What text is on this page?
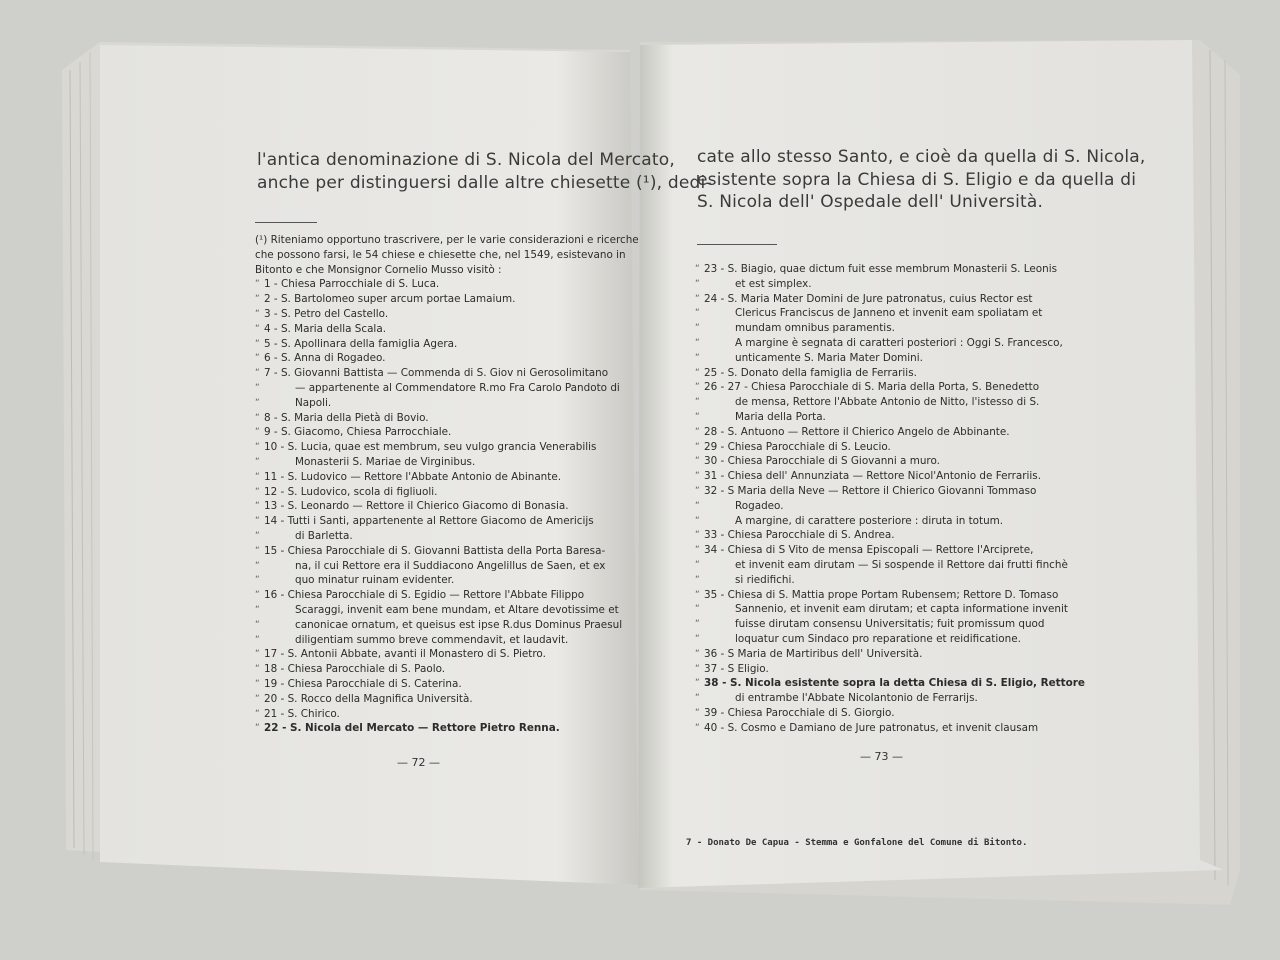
l'antica denominazione di S. Nicola del Mercato,
anche per distinguersi dalle altre chiesette (¹), dedi-
(¹) Riteniamo opportuno trascrivere, per le varie considerazioni e ricerche
che possono farsi, le 54 chiese e chiesette che, nel 1549, esistevano in
Bitonto e che Monsignor Cornelio Musso visitò :
“ 1 - Chiesa Parrocchiale di S. Luca.
“ 2 - S. Bartolomeo super arcum portae Lamaium.
“ 3 - S. Petro del Castello.
“ 4 - S. Maria della Scala.
“ 5 - S. Apollinara della famiglia Agera.
“ 6 - S. Anna di Rogadeo.
“ 7 - S. Giovanni Battista — Commenda di S. Giov ni Gerosolimitano
“	— appartenente al Commendatore R.mo Fra Carolo Pandoto di
“	Napoli.
“ 8 - S. Maria della Pietà di Bovio.
“ 9 - S. Giacomo, Chiesa Parrocchiale.
“ 10 - S. Lucia, quae est membrum, seu vulgo grancia Venerabilis
“	Monasterii S. Mariae de Virginibus.
“ 11 - S. Ludovico — Rettore l'Abbate Antonio de Abinante.
“ 12 - S. Ludovico, scola di figliuoli.
“ 13 - S. Leonardo — Rettore il Chierico Giacomo di Bonasia.
“ 14 - Tutti i Santi, appartenente al Rettore Giacomo de Americijs
“	di Barletta.
“ 15 - Chiesa Parocchiale di S. Giovanni Battista della Porta Baresa-
“	na, il cui Rettore era il Suddiacono Angelillus de Saen, et ex
“	quo minatur ruinam evidenter.
“ 16 - Chiesa Parocchiale di S. Egidio — Rettore l'Abbate Filippo
“	Scaraggi, invenit eam bene mundam, et Altare devotissime et
“	canonicae ornatum, et queisus est ipse R.dus Dominus Praesul
“	diligentiam summo breve commendavit, et laudavit.
“ 17 - S. Antonii Abbate, avanti il Monastero di S. Pietro.
“ 18 - Chiesa Parocchiale di S. Paolo.
“ 19 - Chiesa Parocchiale di S. Caterina.
“ 20 - S. Rocco della Magnifica Università.
“ 21 - S. Chirico.
“ 22 - S. Nicola del Mercato — Rettore Pietro Renna.
— 72 —
cate allo stesso Santo, e cioè da quella di S. Nicola,
esistente sopra la Chiesa di S. Eligio e da quella di
S. Nicola dell' Ospedale dell' Università.
“ 23 - S. Biagio, quae dictum fuit esse membrum Monasterii S. Leonis
“	et est simplex.
“ 24 - S. Maria Mater Domini de Jure patronatus, cuius Rector est
“	Clericus Franciscus de Janneno et invenit eam spoliatam et
“	mundam omnibus paramentis.
“	A margine è segnata di caratteri posteriori : Oggi S. Francesco,
“	unticamente S. Maria Mater Domini.
“ 25 - S. Donato della famiglia de Ferrariis.
“ 26 - 27 - Chiesa Parocchiale di S. Maria della Porta, S. Benedetto
“	de mensa, Rettore l'Abbate Antonio de Nitto, l'istesso di S.
“	Maria della Porta.
“ 28 - S. Antuono — Rettore il Chierico Angelo de Abbinante.
“ 29 - Chiesa Parocchiale di S. Leucio.
“ 30 - Chiesa Parocchiale di S Giovanni a muro.
“ 31 - Chiesa dell' Annunziata — Rettore Nicol'Antonio de Ferrariis.
“ 32 - S Maria della Neve — Rettore il Chierico Giovanni Tommaso
“	Rogadeo.
“	A margine, di carattere posteriore : diruta in totum.
“ 33 - Chiesa Parocchiale di S. Andrea.
“ 34 - Chiesa di S Vito de mensa Episcopali — Rettore l'Arciprete,
“	et invenit eam dirutam — Si sospende il Rettore dai frutti finchè
“	si riedifichi.
“ 35 - Chiesa di S. Mattia prope Portam Rubensem; Rettore D. Tomaso
“	Sannenio, et invenit eam dirutam; et capta informatione invenit
“	fuisse dirutam consensu Universitatis; fuit promissum quod
“	loquatur cum Sindaco pro reparatione et reidificatione.
“ 36 - S Maria de Martiribus dell' Università.
“ 37 - S Eligio.
“ 38 - S. Nicola esistente sopra la detta Chiesa di S. Eligio, Rettore
“	di entrambe l'Abbate Nicolantonio de Ferrarijs.
“ 39 - Chiesa Parocchiale di S. Giorgio.
“ 40 - S. Cosmo e Damiano de Jure patronatus, et invenit clausam
— 73 —
7 - Donato De Capua - Stemma e Gonfalone del Comune di Bitonto.
